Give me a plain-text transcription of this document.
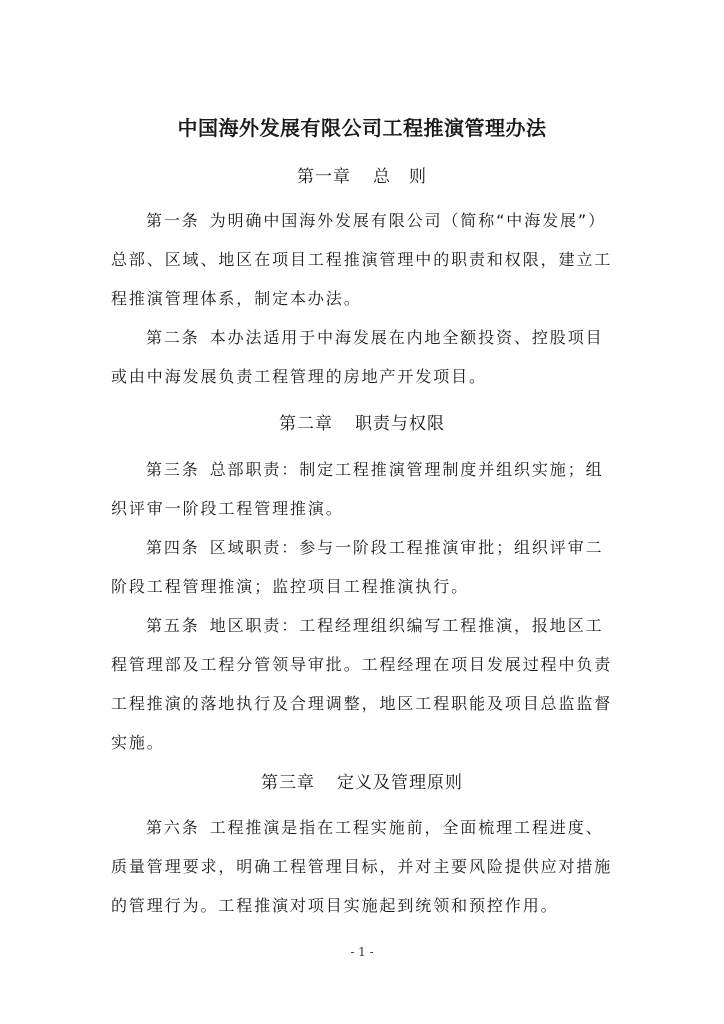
中国海外发展有限公司工程推演管理办法
第一章 总　则

第一条 为明确中国海外发展有限公司（简称“中海发展”）总部、区域、地区在项目工程推演管理中的职责和权限，建立工程推演管理体系，制定本办法。

第二条 本办法适用于中海发展在内地全额投资、控股项目或由中海发展负责工程管理的房地产开发项目。

第二章 职责与权限

第三条 总部职责：制定工程推演管理制度并组织实施；组织评审一阶段工程管理推演。

第四条 区域职责：参与一阶段工程推演审批；组织评审二阶段工程管理推演；监控项目工程推演执行。

第五条 地区职责：工程经理组织编写工程推演，报地区工程管理部及工程分管领导审批。工程经理在项目发展过程中负责工程推演的落地执行及合理调整，地区工程职能及项目总监监督实施。

第三章 定义及管理原则

第六条 工程推演是指在工程实施前，全面梳理工程进度、质量管理要求，明确工程管理目标，并对主要风险提供应对措施的管理行为。工程推演对项目实施起到统领和预控作用。

- 1 -
